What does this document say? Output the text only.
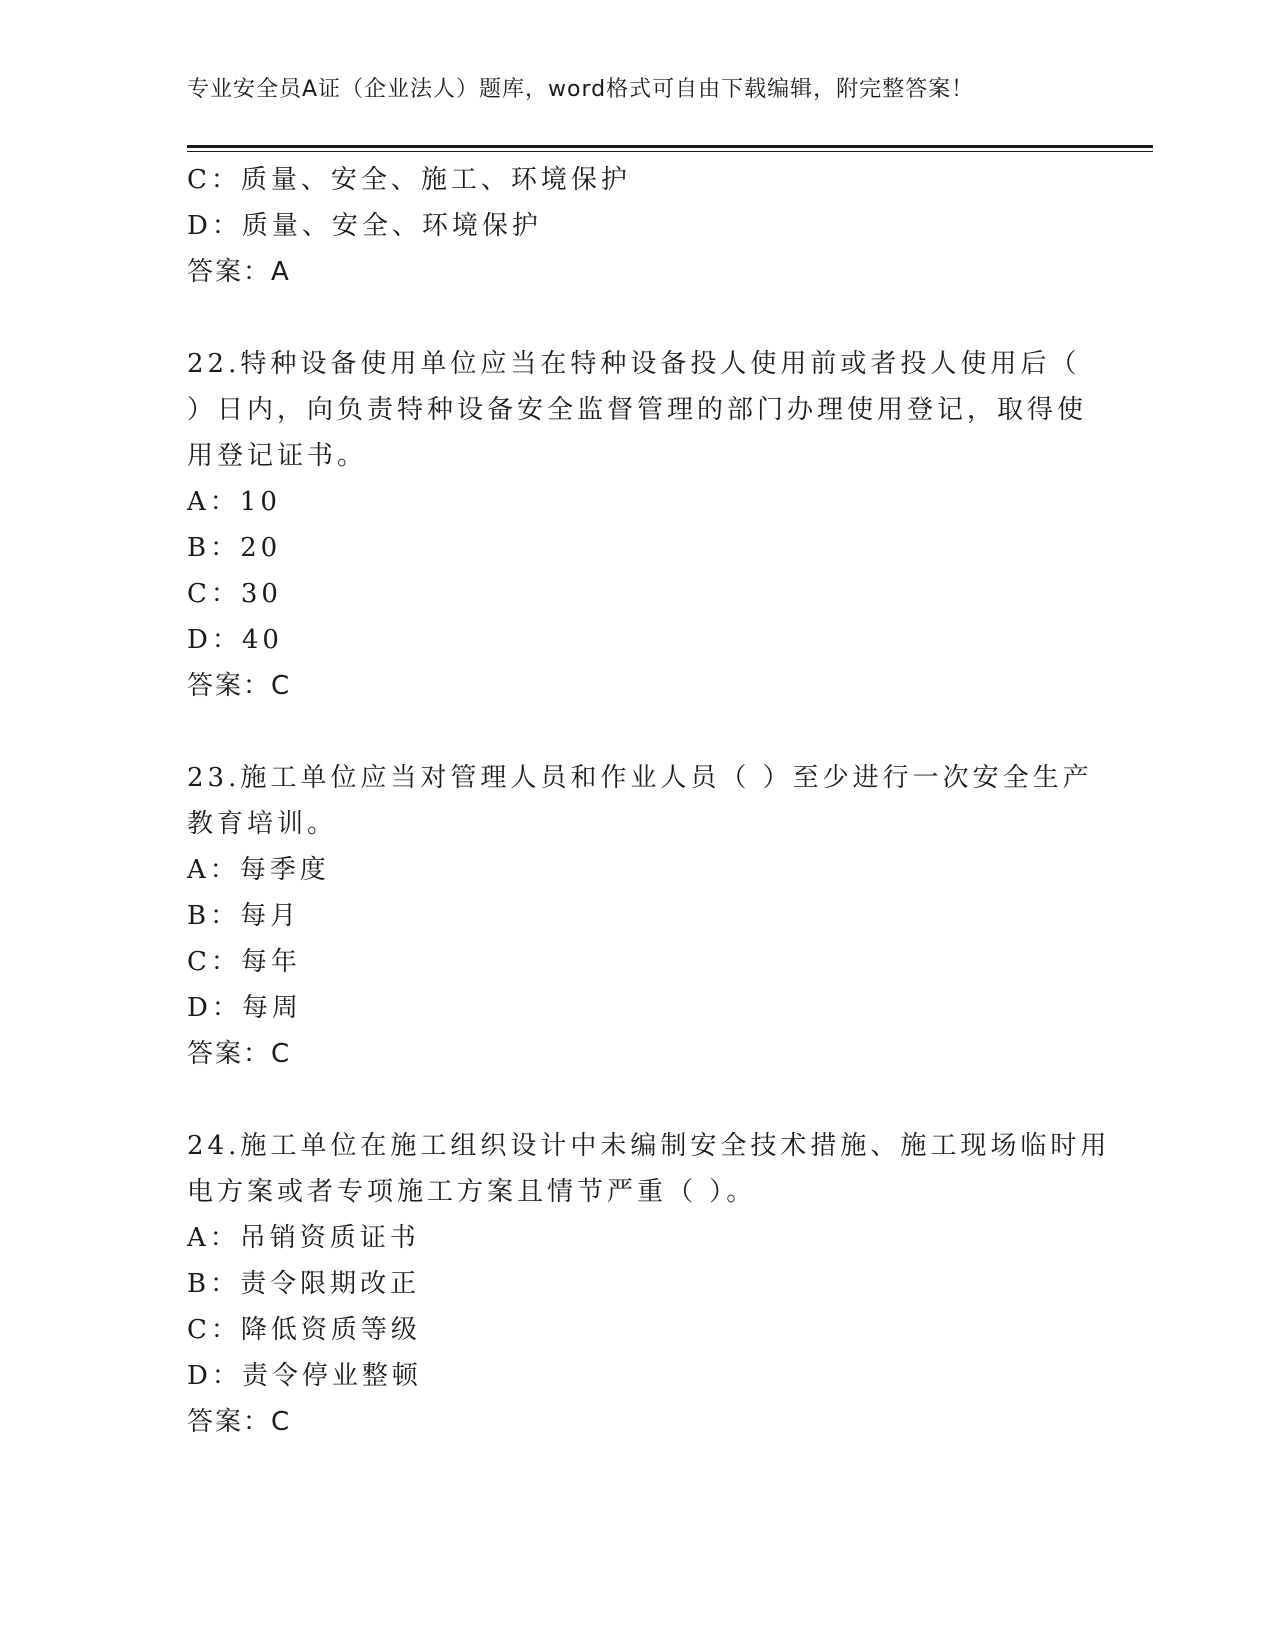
专业安全员A证（企业法人）题库，word格式可自由下载编辑，附完整答案！
C：质量、安全、施工、环境保护
D：质量、安全、环境保护
答案：A
22.特种设备使用单位应当在特种设备投人使用前或者投人使用后（
）日内，向负责特种设备安全监督管理的部门办理使用登记，取得使
用登记证书。
A：10
B：20
C：30
D：40
答案：C
23.施工单位应当对管理人员和作业人员（ ）至少进行一次安全生产
教育培训。
A：每季度
B：每月
C：每年
D：每周
答案：C
24.施工单位在施工组织设计中未编制安全技术措施、施工现场临时用
电方案或者专项施工方案且情节严重（ ）。
A：吊销资质证书
B：责令限期改正
C：降低资质等级
D：责令停业整顿
答案：C
